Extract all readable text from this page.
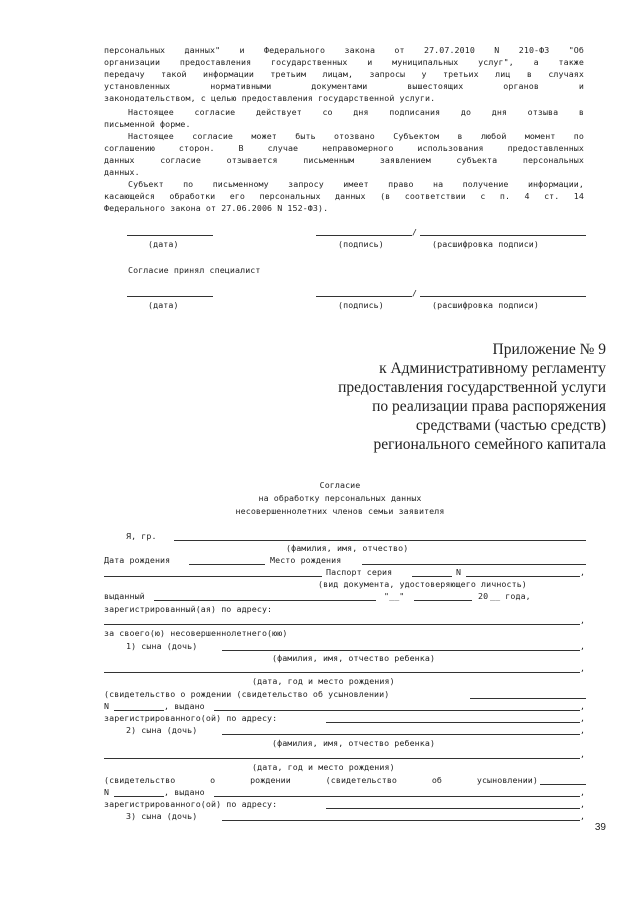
персональных данных" и Федерального закона от 27.07.2010 N 210-ФЗ "Об
организации предоставления государственных и муниципальных услуг", а также
передачу такой информации третьим лицам, запросы у третьих лиц в случаях
установленных нормативными документами вышестоящих органов и
законодательством, с целью предоставления государственной услуги.
Настоящее согласие действует со дня подписания до дня отзыва в
письменной форме.
Настоящее согласие может быть отозвано Субъектом в любой момент по
соглашению сторон. В случае неправомерного использования предоставленных
данных согласие отзывается письменным заявлением субъекта персональных
данных.
Субъект по письменному запросу имеет право на получение информации,
касающейся обработки его персональных данных (в соответствии с п. 4 ст. 14
Федерального закона от 27.06.2006 N 152-ФЗ).
/
(дата)	(подпись)	(расшифровка подписи)
Согласие принял специалист
/
(дата)	(подпись)	(расшифровка подписи)
Приложение № 9
к Административному регламенту
предоставления государственной услуги
по реализации права распоряжения
средствами (частью средств)
регионального семейного капитала
Согласие
на обработку персональных данных
несовершеннолетних членов семьи заявителя
Я, гр.
(фамилия, имя, отчество)
Дата рождения	Место рождения
Паспорт серия	N	,
(вид документа, удостоверяющего личность)
выданный	"__"	20 __ года,
зарегистрированный(ая) по адресу:
,
за своего(ю) несовершеннолетнего(юю)
1) сына (дочь)	,
(фамилия, имя, отчество ребенка)
,
(дата, год и место рождения)
(свидетельство о рождении (свидетельство об усыновлении)
N	, выдано	,
зарегистрированного(ой) по адресу:	,
2) сына (дочь)	,
(фамилия, имя, отчество ребенка)
,
(дата, год и место рождения)
(свидетельство о рождении (свидетельство об усыновлении)
N	, выдано	,
зарегистрированного(ой) по адресу:	,
3) сына (дочь)	,
39
